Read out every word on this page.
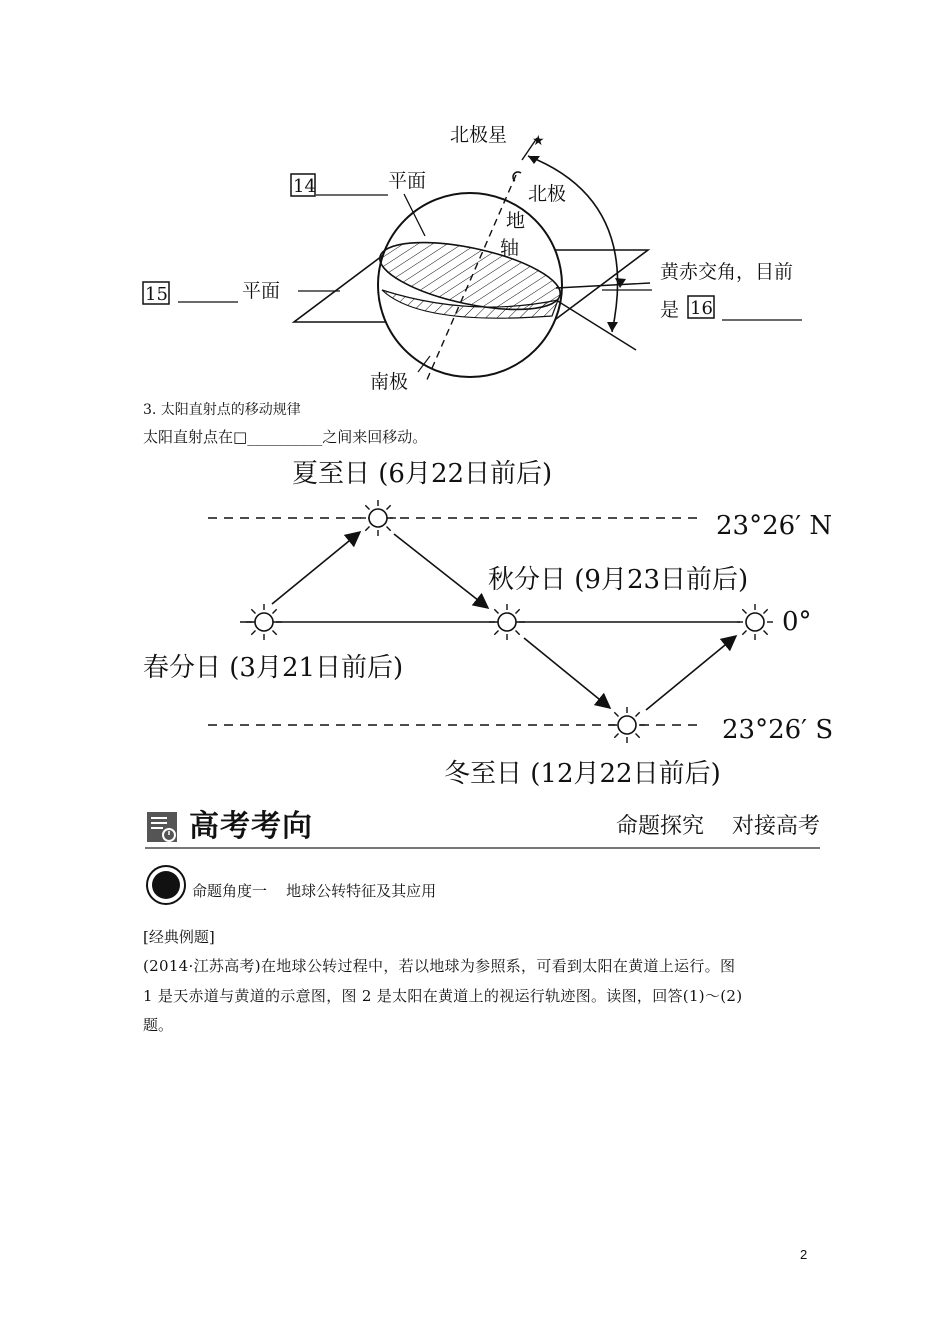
★
北极星
北极
地
轴
南极
14	平面
15	平面
黄赤交角，目前
是 16
3. 太阳直射点的移动规律
太阳直射点在□__________之间来回移动。
夏至日 (6月22日前后)
秋分日 (9月23日前后)
春分日 (3月21日前后)
冬至日 (12月22日前后)
23°26′ N
0°
23°26′ S
高考考向	命题探究    对接高考
命题角度一    地球公转特征及其应用
[经典例题]
(2014·江苏高考)在地球公转过程中，若以地球为参照系，可看到太阳在黄道上运行。图
1 是天赤道与黄道的示意图，图 2 是太阳在黄道上的视运行轨迹图。读图，回答(1)～(2)
题。
2
